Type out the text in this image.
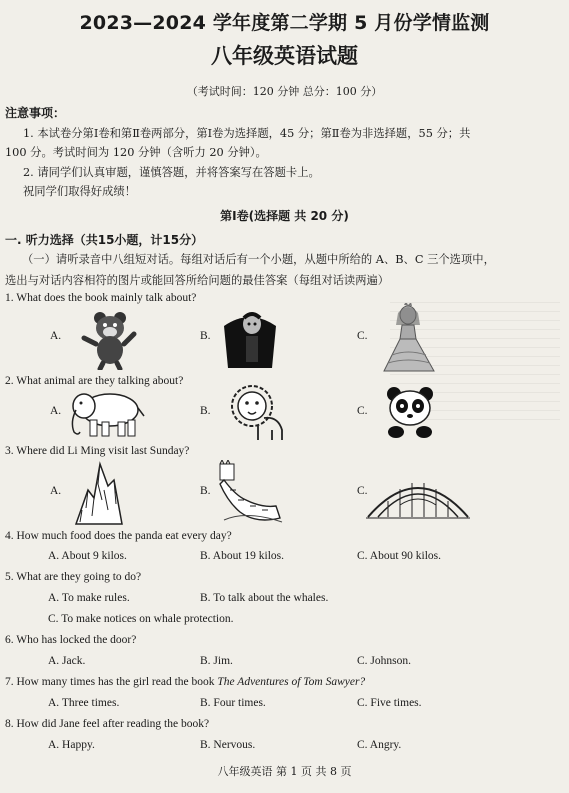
2023—2024 学年度第二学期 5 月份学情监测
八年级英语试题
（考试时间：120 分钟 总分：100 分）
注意事项：
1. 本试卷分第Ⅰ卷和第Ⅱ卷两部分，第Ⅰ卷为选择题，45 分；第Ⅱ卷为非选择题，55 分；共
100 分。考试时间为 120 分钟（含听力 20 分钟）。
2. 请同学们认真审题，谨慎答题，并将答案写在答题卡上。
祝同学们取得好成绩！
第Ⅰ卷(选择题 共 20 分)
一. 听力选择（共15小题，计15分）
（一）请听录音中八组短对话。每组对话后有一个小题，从题中所给的 A、B、C 三个选项中，
选出与对话内容相符的图片或能回答所给问题的最佳答案（每组对话读两遍）
1. What does the book mainly talk about?
A.	B.	C.
2. What animal are they talking about?
A.	B.	C.
3. Where did Li Ming visit last Sunday?
A.	B.	C.
4. How much food does the panda eat every day?
A. About 9 kilos.	B. About 19 kilos.	C. About 90 kilos.
5. What are they going to do?
A. To make rules.	B. To talk about the whales.
C. To make notices on whale protection.
6. Who has locked the door?
A. Jack.	B. Jim.	C. Johnson.
7. How many times has the girl read the book The Adventures of Tom Sawyer?
A. Three times.	B. Four times.	C. Five times.
8. How did Jane feel after reading the book?
A. Happy.	B. Nervous.	C. Angry.
八年级英语 第 1 页 共 8 页
